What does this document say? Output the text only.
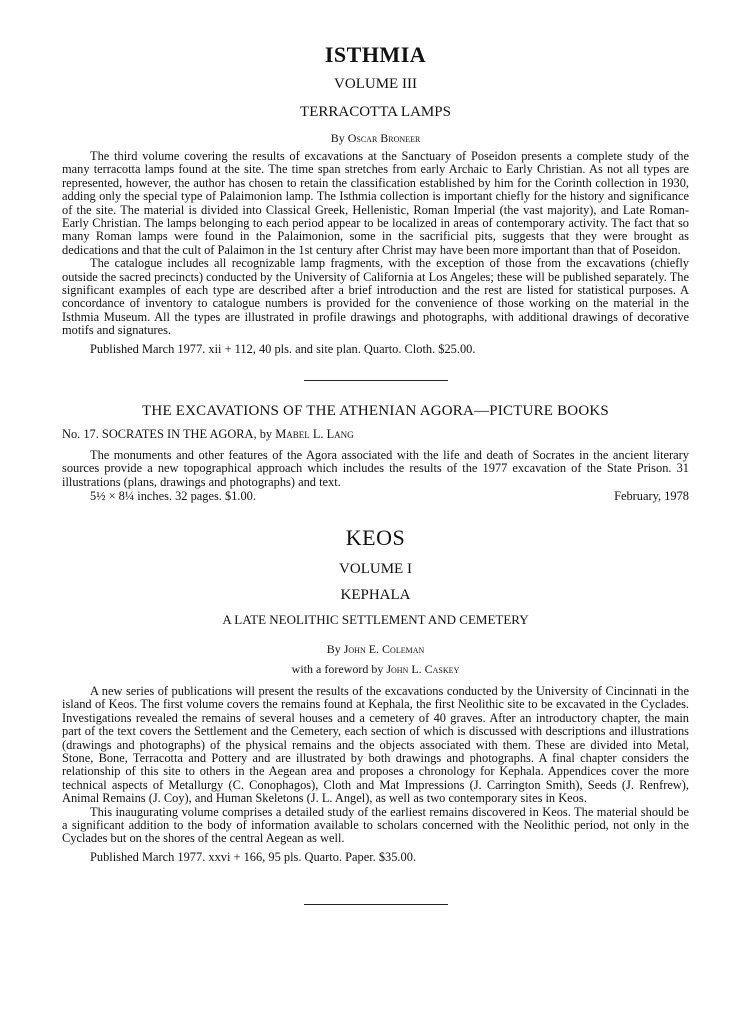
ISTHMIA
VOLUME III
TERRACOTTA LAMPS
By Oscar Broneer

The third volume covering the results of excavations at the Sanctuary of Poseidon presents a complete study of the many terracotta lamps found at the site. The time span stretches from early Archaic to Early Christian. As not all types are represented, however, the author has chosen to retain the classification established by him for the Corinth collection in 1930, adding only the special type of Palaimonion lamp. The Isthmia collection is important chiefly for the history and significance of the site. The material is divided into Classical Greek, Hellenistic, Roman Imperial (the vast majority), and Late Roman-Early Christian. The lamps belonging to each period appear to be localized in areas of contemporary activity. The fact that so many Roman lamps were found in the Palaimonion, some in the sacrificial pits, suggests that they were brought as dedications and that the cult of Palaimon in the 1st century after Christ may have been more important than that of Poseidon.

The catalogue includes all recognizable lamp fragments, with the exception of those from the excavations (chiefly outside the sacred precincts) conducted by the University of California at Los Angeles; these will be published separately. The significant examples of each type are described after a brief introduction and the rest are listed for statistical purposes. A concordance of inventory to catalogue numbers is provided for the convenience of those working on the material in the Isthmia Museum. All the types are illustrated in profile drawings and photographs, with additional drawings of decorative motifs and signatures.

Published March 1977. xii + 112, 40 pls. and site plan. Quarto. Cloth. $25.00.

THE EXCAVATIONS OF THE ATHENIAN AGORA—PICTURE BOOKS
No. 17. SOCRATES IN THE AGORA, by Mabel L. Lang

The monuments and other features of the Agora associated with the life and death of Socrates in the ancient literary sources provide a new topographical approach which includes the results of the 1977 excavation of the State Prison. 31 illustrations (plans, drawings and photographs) and text.

5½ × 8¼ inches. 32 pages. $1.00.	February, 1978
KEOS
VOLUME I
KEPHALA
A LATE NEOLITHIC SETTLEMENT AND CEMETERY
By John E. Coleman
with a foreword by John L. Caskey

A new series of publications will present the results of the excavations conducted by the University of Cincinnati in the island of Keos. The first volume covers the remains found at Kephala, the first Neolithic site to be excavated in the Cyclades. Investigations revealed the remains of several houses and a cemetery of 40 graves. After an introductory chapter, the main part of the text covers the Settlement and the Cemetery, each section of which is discussed with descriptions and illustrations (drawings and photographs) of the physical remains and the objects associated with them. These are divided into Metal, Stone, Bone, Terracotta and Pottery and are illustrated by both drawings and photographs. A final chapter considers the relationship of this site to others in the Aegean area and proposes a chronology for Kephala. Appendices cover the more technical aspects of Metallurgy (C. Conophagos), Cloth and Mat Impressions (J. Carrington Smith), Seeds (J. Renfrew), Animal Remains (J. Coy), and Human Skeletons (J. L. Angel), as well as two contemporary sites in Keos.

This inaugurating volume comprises a detailed study of the earliest remains discovered in Keos. The material should be a significant addition to the body of information available to scholars concerned with the Neolithic period, not only in the Cyclades but on the shores of the central Aegean as well.

Published March 1977. xxvi + 166, 95 pls. Quarto. Paper. $35.00.
